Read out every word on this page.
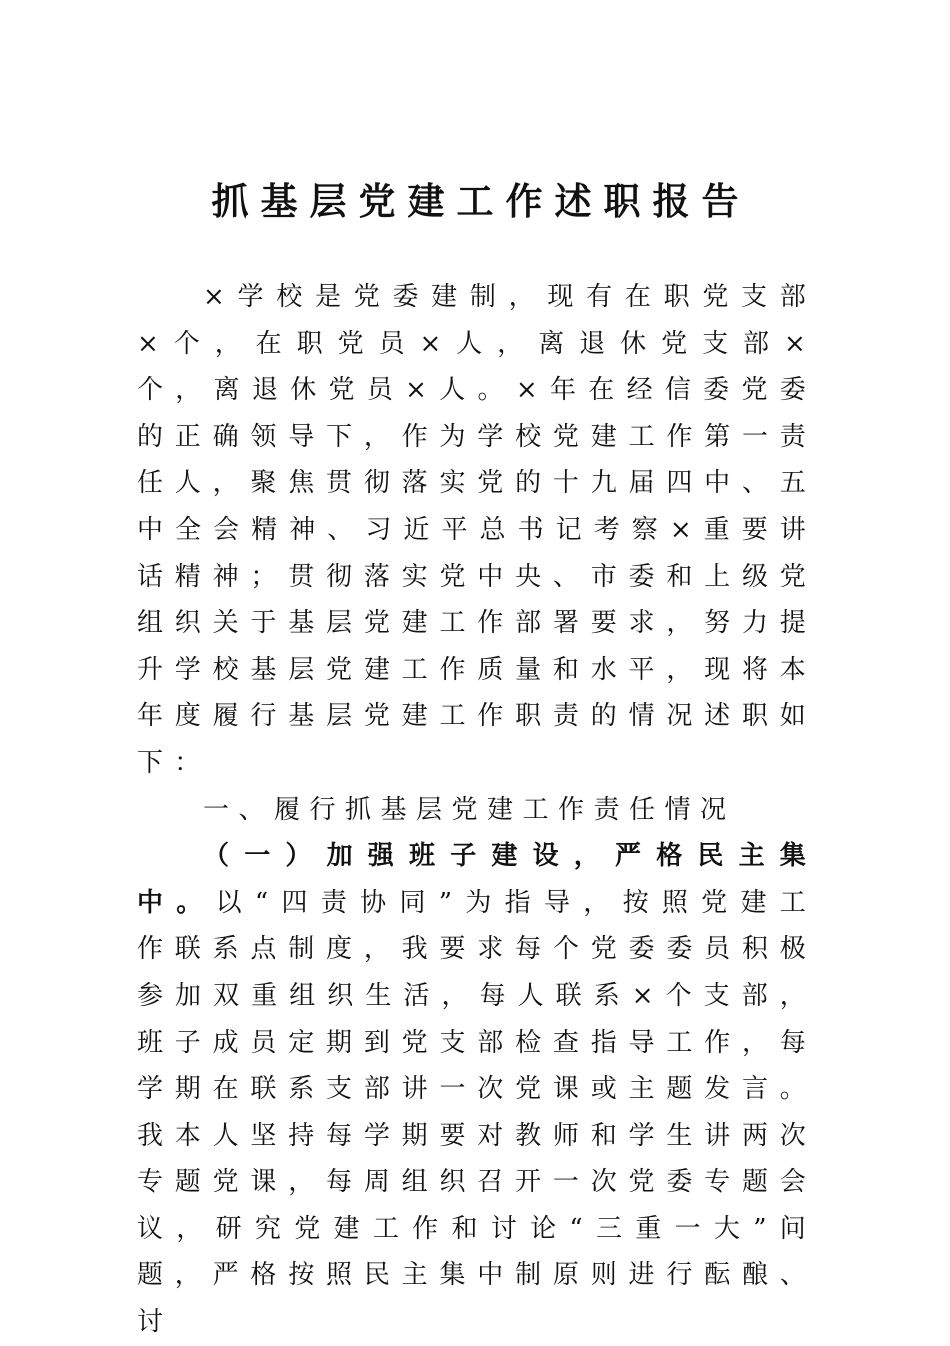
抓基层党建工作述职报告

×学校是党委建制，现有在职党支部×个，在职党员×人，离退休党支部×个，离退休党员×人。×年在经信委党委的正确领导下，作为学校党建工作第一责任人，聚焦贯彻落实党的十九届四中、五中全会精神、习近平总书记考察×重要讲话精神；贯彻落实党中央、市委和上级党组织关于基层党建工作部署要求，努力提升学校基层党建工作质量和水平，现将本年度履行基层党建工作职责的情况述职如下：

一、履行抓基层党建工作责任情况

（一）加强班子建设，严格民主集中。以“四责协同”为指导，按照党建工作联系点制度，我要求每个党委委员积极参加双重组织生活，每人联系×个支部，班子成员定期到党支部检查指导工作，每学期在联系支部讲一次党课或主题发言。我本人坚持每学期要对教师和学生讲两次专题党课，每周组织召开一次党委专题会议，研究党建工作和讨论“三重一大”问题，严格按照民主集中制原则进行酝酿、讨
